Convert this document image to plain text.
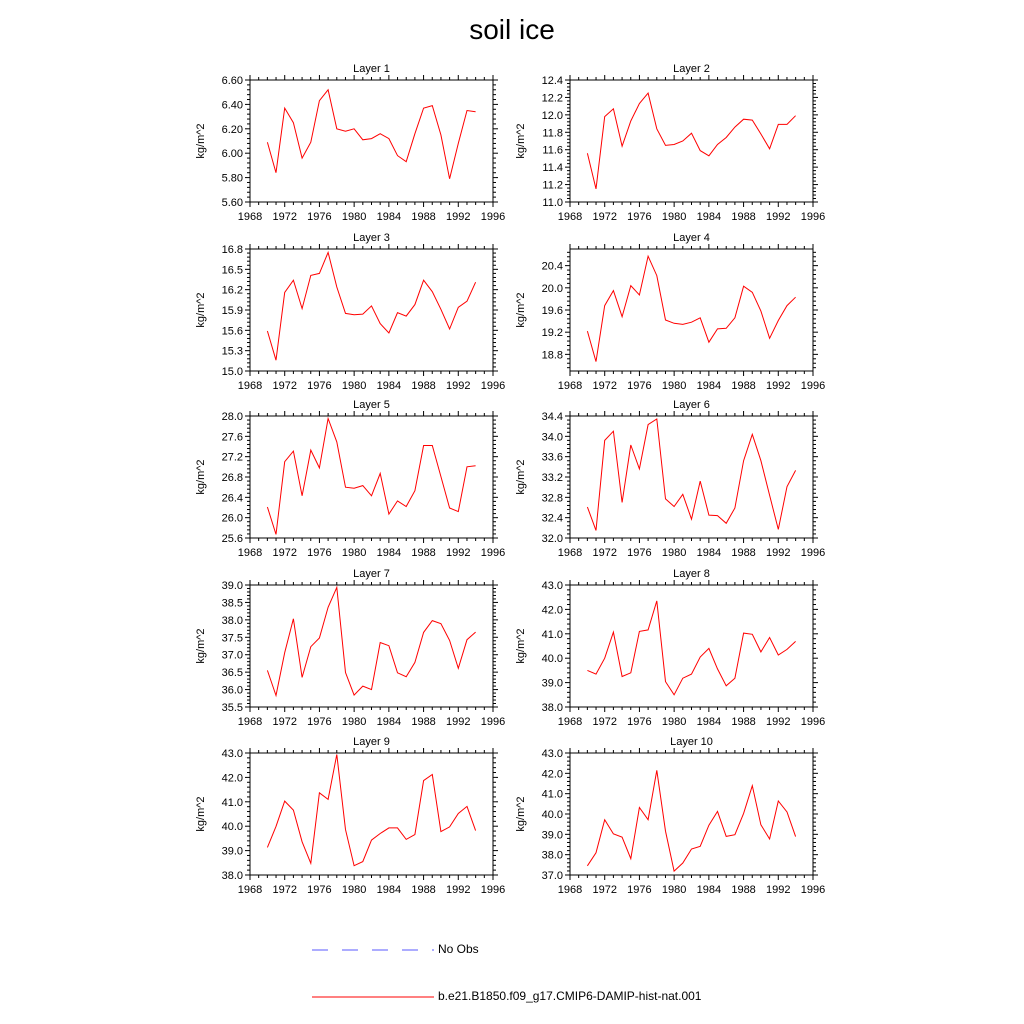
soil ice
Layer 1
kg/m^2
1968 1972 1976 1980 1984 1988 1992 1996
5.60
5.80
6.00
6.20
6.40
6.60
Layer 2
kg/m^2
1968 1972 1976 1980 1984 1988 1992 1996
11.0
11.2
11.4
11.6
11.8
12.0
12.2
12.4
Layer 3
kg/m^2
1968 1972 1976 1980 1984 1988 1992 1996
15.0
15.3
15.6
15.9
16.2
16.5
16.8
Layer 4
kg/m^2
1968 1972 1976 1980 1984 1988 1992 1996
18.8
19.2
19.6
20.0
20.4
Layer 5
kg/m^2
1968 1972 1976 1980 1984 1988 1992 1996
25.6
26.0
26.4
26.8
27.2
27.6
28.0
Layer 6
kg/m^2
1968 1972 1976 1980 1984 1988 1992 1996
32.0
32.4
32.8
33.2
33.6
34.0
34.4
Layer 7
kg/m^2
1968 1972 1976 1980 1984 1988 1992 1996
35.5
36.0
36.5
37.0
37.5
38.0
38.5
39.0
Layer 8
kg/m^2
1968 1972 1976 1980 1984 1988 1992 1996
38.0
39.0
40.0
41.0
42.0
43.0
Layer 9
kg/m^2
1968 1972 1976 1980 1984 1988 1992 1996
38.0
39.0
40.0
41.0
42.0
43.0
Layer 10
kg/m^2
1968 1972 1976 1980 1984 1988 1992 1996
37.0
38.0
39.0
40.0
41.0
42.0
43.0
No Obs
b.e21.B1850.f09_g17.CMIP6-DAMIP-hist-nat.001
